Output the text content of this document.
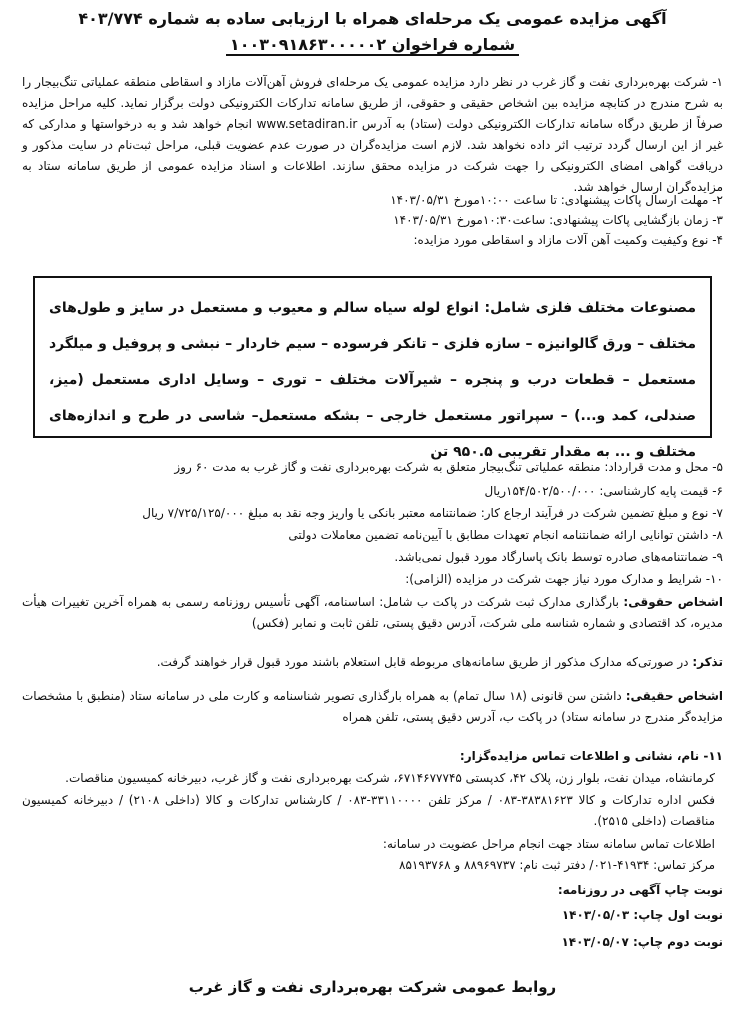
آگهی مزایده عمومی یک مرحله‌ای همراه با ارزیابی ساده به شماره ۴۰۳/۷۷۴
شماره فراخوان ۱۰۰۳۰۹۱۸۶۳۰۰۰۰۰۲
۱- شرکت بهره‌برداری نفت و گاز غرب در نظر دارد مزایده عمومی یک مرحله‌ای فروش آهن‌آلات مازاد و اسقاطی منطقه عملیاتی تنگ‌بیجار را به شرح مندرج در کتابچه مزایده بین اشخاص حقیقی و حقوقی، از طریق سامانه تدارکات الکترونیکی دولت برگزار نماید. کلیه مراحل مزایده صرفاً از طریق درگاه سامانه تدارکات الکترونیکی دولت (ستاد) به آدرس www.setadiran.ir انجام خواهد شد و به درخواستها و مدارکی که غیر از این ارسال گردد ترتیب اثر داده نخواهد شد. لازم است مزایده‌گران در صورت عدم عضویت قبلی، مراحل ثبت‌نام در سایت مذکور و دریافت گواهی امضای الکترونیکی را جهت شرکت در مزایده محقق سازند. اطلاعات و اسناد مزایده عمومی از طریق سامانه ستاد به مزایده‌گران ارسال خواهد شد.
۲- مهلت ارسال پاکات پیشنهادی: تا ساعت ۱۰:۰۰مورخ ۱۴۰۳/۰۵/۳۱
۳- زمان بازگشایی پاکات پیشنهادی: ساعت۱۰:۳۰مورخ ۱۴۰۳/۰۵/۳۱
۴- نوع وکیفیت وکمیت آهن آلات مازاد و اسقاطی مورد مزایده:
مصنوعات مختلف فلزی شامل: انواع لوله سیاه سالم و معیوب و مستعمل در سایز و طول‌های مختلف – ورق گالوانیزه – سازه فلزی – تانکر فرسوده – سیم خاردار – نبشی و پروفیل و میلگرد مستعمل – قطعات درب و پنجره – شیرآلات مختلف – توری – وسایل اداری مستعمل (میز، صندلی، کمد و...) – سپراتور مستعمل خارجی – بشکه مستعمل– شاسی در طرح و اندازه‌های مختلف و ... به مقدار تقریبی ۹۵۰.۵ تن
۵- محل و مدت قرارداد: منطقه عملیاتی تنگ‌بیجار متعلق به شرکت بهره‌برداری نفت و گاز غرب به مدت ۶۰ روز
۶- قیمت پایه کارشناسی: ۱۵۴/۵۰۲/۵۰۰/۰۰۰ریال
۷- نوع و مبلغ تضمین شرکت در فرآیند ارجاع کار: ضمانتنامه معتبر بانکی یا واریز وجه نقد به مبلغ ۷/۷۲۵/۱۲۵/۰۰۰ ریال
۸- داشتن توانایی ارائه ضمانتنامه انجام تعهدات مطابق با آیین‌نامه تضمین معاملات دولتی
۹- ضمانتنامه‌های صادره توسط بانک پاسارگاد مورد قبول نمی‌باشد.
۱۰- شرایط و مدارک مورد نیاز جهت شرکت در مزایده (الزامی):
اشخاص حقوقی: بارگذاری مدارک ثبت شرکت در پاکت ب شامل: اساسنامه، آگهی تأسیس روزنامه رسمی به همراه آخرین تغییرات هیأت مدیره، کد اقتصادی و شماره شناسه ملی شرکت، آدرس دقیق پستی، تلفن ثابت و نمابر (فکس)
تذکر: در صورتی‌که مدارک مذکور از طریق سامانه‌های مربوطه قابل استعلام باشند مورد قبول قرار خواهند گرفت.
اشخاص حقیقی: داشتن سن قانونی (۱۸ سال تمام) به همراه بارگذاری تصویر شناسنامه و کارت ملی در سامانه ستاد (منطبق با مشخصات مزایده‌گر مندرج در سامانه ستاد) در پاکت ب، آدرس دقیق پستی، تلفن همراه
۱۱- نام، نشانی و اطلاعات تماس مزایده‌گزار:
کرمانشاه، میدان نفت، بلوار زن، پلاک ۴۲، کدپستی ۶۷۱۴۶۷۷۷۴۵، شرکت بهره‌برداری نفت و گاز غرب، دبیرخانه کمیسیون مناقصات.
فکس اداره تدارکات و کالا ۳۸۳۸۱۶۲۳-۰۸۳ / مرکز تلفن ۳۳۱۱۰۰۰۰-۰۸۳ / کارشناس تدارکات و کالا (داخلی ۲۱۰۸) / دبیرخانه کمیسیون مناقصات (داخلی ۲۵۱۵).
اطلاعات تماس سامانه ستاد جهت انجام مراحل عضویت در سامانه:
مرکز تماس: ۴۱۹۳۴-۰۲۱/ دفتر ثبت نام: ۸۸۹۶۹۷۳۷ و ۸۵۱۹۳۷۶۸
نوبت چاپ آگهی در روزنامه:
نوبت اول چاپ: ۱۴۰۳/۰۵/۰۳
نوبت دوم چاپ: ۱۴۰۳/۰۵/۰۷
روابط عمومی شرکت بهره‌برداری نفت و گاز غرب
